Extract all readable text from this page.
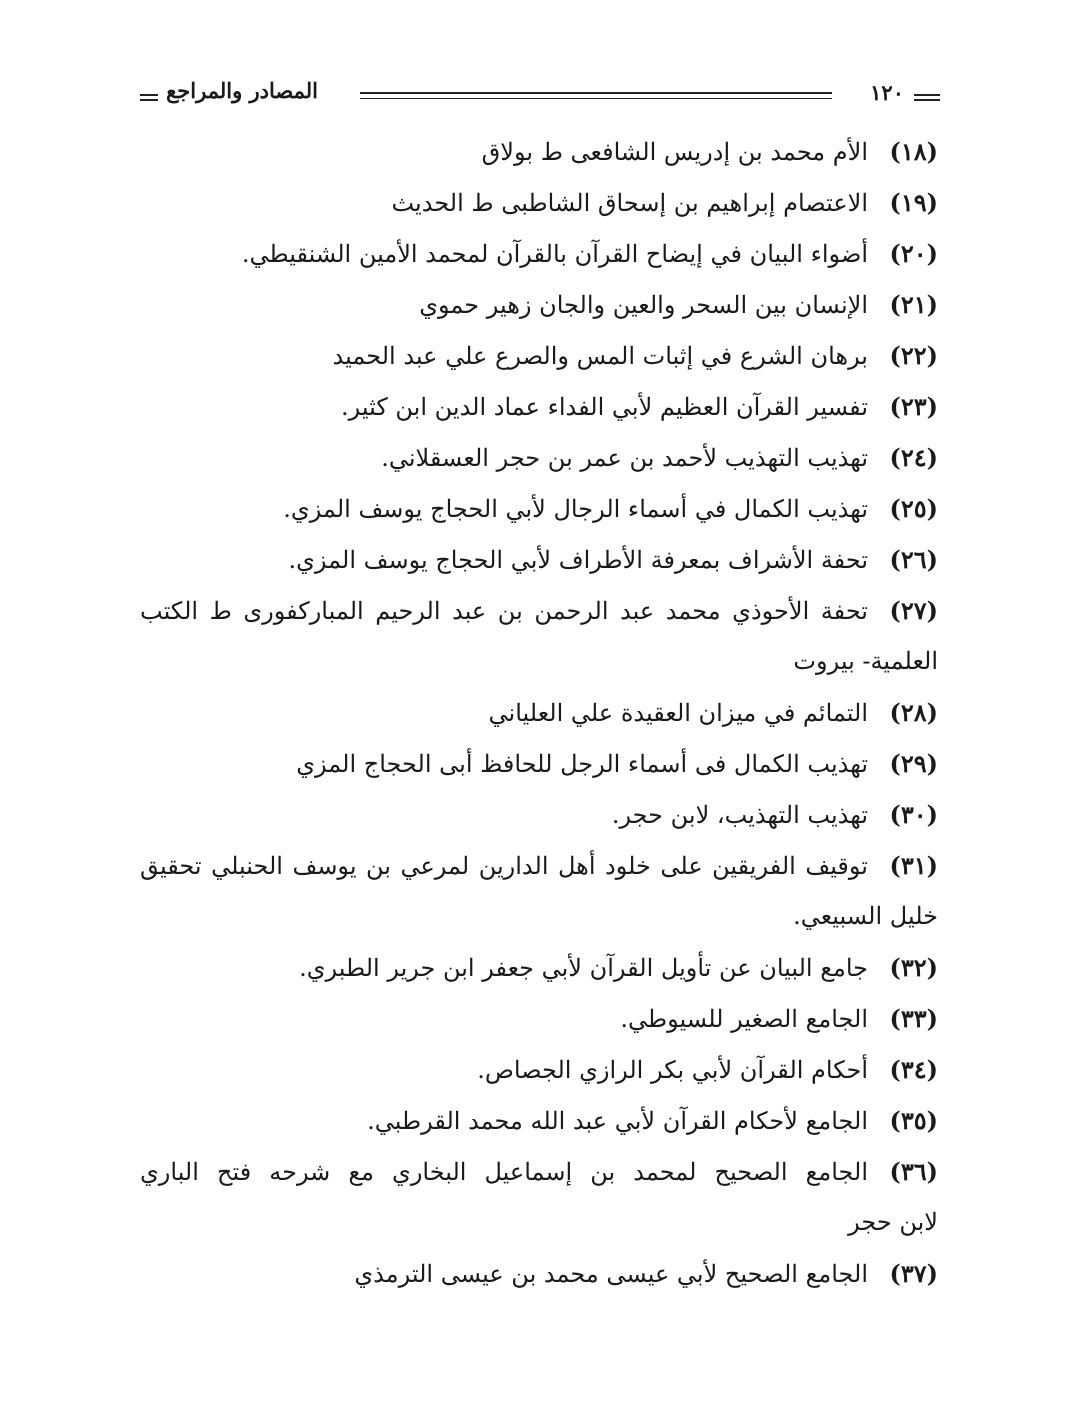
١٢٠
المصادر والمراجع
( ١٨ )الأم محمد بن إدريس الشافعى ط بولاق
( ١٩ )الاعتصام إبراهيم بن إسحاق الشاطبى ط الحديث
( ٢٠ )أضواء البيان في إيضاح القرآن بالقرآن لمحمد الأمين الشنقيطي.
( ٢١ )الإنسان بين السحر والعين والجان زهير حموي
( ٢٢ )برهان الشرع في إثبات المس والصرع علي عبد الحميد
( ٢٣ )تفسير القرآن العظيم لأبي الفداء عماد الدين ابن كثير.
( ٢٤ )تهذيب التهذيب لأحمد بن عمر بن حجر العسقلاني.
( ٢٥ )تهذيب الكمال في أسماء الرجال لأبي الحجاج يوسف المزي.
( ٢٦ )تحفة الأشراف بمعرفة الأطراف لأبي الحجاج يوسف المزي.
( ٢٧ )تحفة الأحوذي محمد عبد الرحمن بن عبد الرحيم المباركفورى ط الكتب
العلمية- بيروت
( ٢٨ )التمائم في ميزان العقيدة علي العلياني
( ٢٩ )تهذيب الكمال فى أسماء الرجل للحافظ أبى الحجاج المزي
( ٣٠ )تهذيب التهذيب، لابن حجر.
( ٣١ )توقيف الفريقين على خلود أهل الدارين لمرعي بن يوسف الحنبلي تحقيق
خليل السبيعي.
( ٣٢ )جامع البيان عن تأويل القرآن لأبي جعفر ابن جرير الطبري.
( ٣٣ )الجامع الصغير للسيوطي.
( ٣٤ )أحكام القرآن لأبي بكر الرازي الجصاص.
( ٣٥ )الجامع لأحكام القرآن لأبي عبد الله محمد القرطبي.
( ٣٦ )الجامع الصحيح لمحمد بن إسماعيل البخاري مع شرحه فتح الباري
لابن حجر
( ٣٧ )الجامع الصحيح لأبي عيسى محمد بن عيسى الترمذي
